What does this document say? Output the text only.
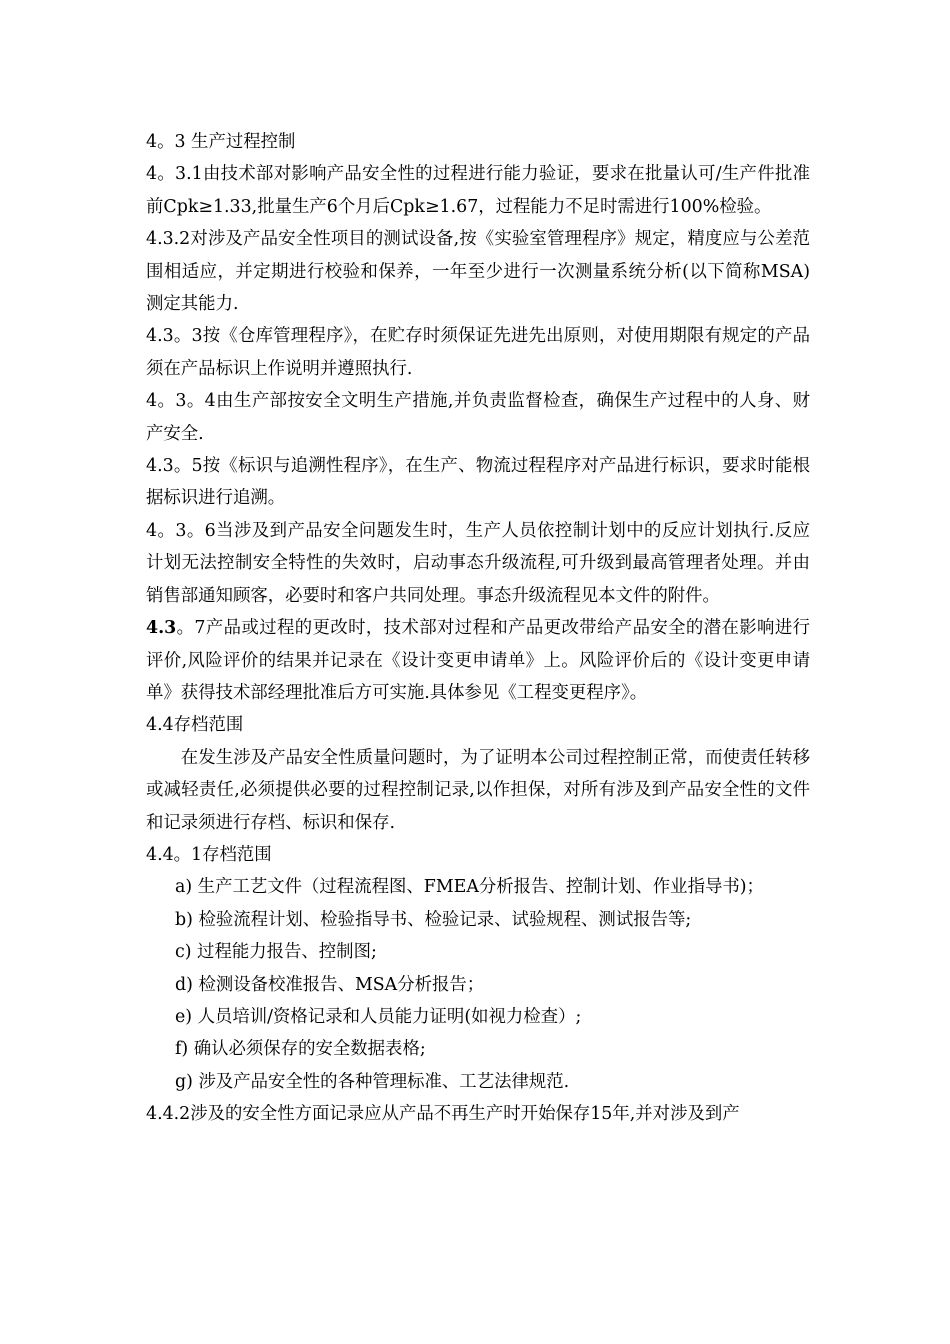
4。3 生产过程控制

4。3.1由技术部对影响产品安全性的过程进行能力验证，要求在批量认可/生产件批准前Cpk≥1.33,批量生产6个月后Cpk≥1.67，过程能力不足时需进行100%检验。

4.3.2对涉及产品安全性项目的测试设备,按《实验室管理程序》规定，精度应与公差范围相适应，并定期进行校验和保养，一年至少进行一次测量系统分析(以下简称MSA)测定其能力.

4.3。3按《仓库管理程序》，在贮存时须保证先进先出原则，对使用期限有规定的产品须在产品标识上作说明并遵照执行.

4。3。4由生产部按安全文明生产措施,并负责监督检查，确保生产过程中的人身、财产安全.

4.3。5按《标识与追溯性程序》，在生产、物流过程程序对产品进行标识，要求时能根据标识进行追溯。

4。3。6当涉及到产品安全问题发生时，生产人员依控制计划中的反应计划执行.反应计划无法控制安全特性的失效时，启动事态升级流程,可升级到最高管理者处理。并由销售部通知顾客，必要时和客户共同处理。事态升级流程见本文件的附件。

4.3。7产品或过程的更改时，技术部对过程和产品更改带给产品安全的潜在影响进行评价,风险评价的结果并记录在《设计变更申请单》上。风险评价后的《设计变更申请单》获得技术部经理批准后方可实施.具体参见《工程变更程序》。

4.4存档范围

在发生涉及产品安全性质量问题时，为了证明本公司过程控制正常，而使责任转移或减轻责任,必须提供必要的过程控制记录,以作担保，对所有涉及到产品安全性的文件和记录须进行存档、标识和保存.

4.4。1存档范围

a) 生产工艺文件（过程流程图、FMEA分析报告、控制计划、作业指导书)；
b) 检验流程计划、检验指导书、检验记录、试验规程、测试报告等;
c) 过程能力报告、控制图;
d) 检测设备校准报告、MSA分析报告；
e) 人员培训/资格记录和人员能力证明(如视力检查）;
f) 确认必须保存的安全数据表格;
g) 涉及产品安全性的各种管理标准、工艺法律规范.

4.4.2涉及的安全性方面记录应从产品不再生产时开始保存15年,并对涉及到产
